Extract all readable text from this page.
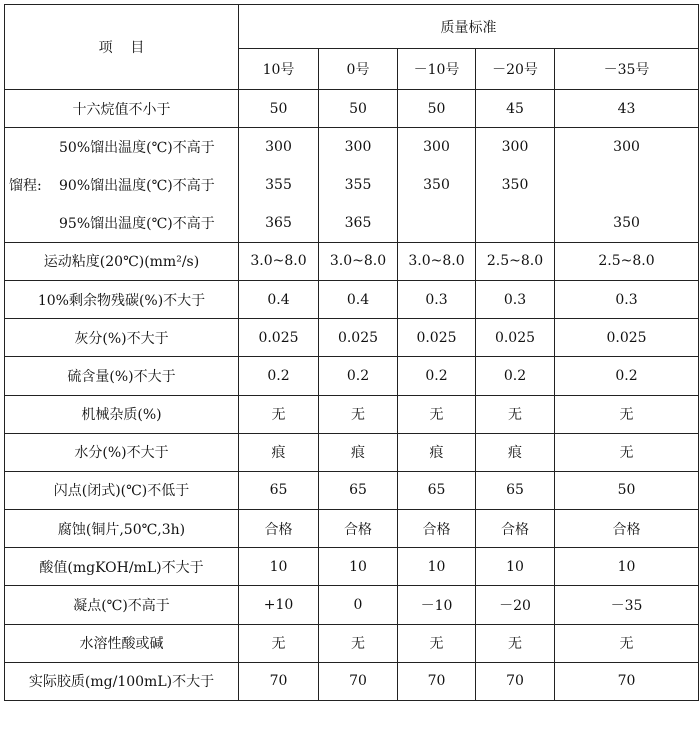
项    目	质量标准				
	10号	0号	－10号	－20号	－35号
十六烷值不小于	50	50	50	45	43

50%馏出温度(℃)不高于	300	300	300	300	300

馏程: 90%馏出温度(℃)不高于	355	355	350	350	

95%馏出温度(℃)不高于	365	365			350
运动粘度(20℃)(mm²/s)	3.0~8.0	3.0~8.0	3.0~8.0	2.5~8.0	2.5~8.0
10%剩余物残碳(%)不大于	0.4	0.4	0.3	0.3	0.3
灰分(%)不大于	0.025	0.025	0.025	0.025	0.025
硫含量(%)不大于	0.2	0.2	0.2	0.2	0.2
机械杂质(%)	无	无	无	无	无
水分(%)不大于	痕	痕	痕	痕	无
闪点(闭式)(℃)不低于	65	65	65	65	50
腐蚀(铜片,50℃,3h)	合格	合格	合格	合格	合格
酸值(mgKOH/mL)不大于	10	10	10	10	10
凝点(℃)不高于	+10	0	－10	－20	－35
水溶性酸或碱	无	无	无	无	无
实际胶质(mg/100mL)不大于	70	70	70	70	70
